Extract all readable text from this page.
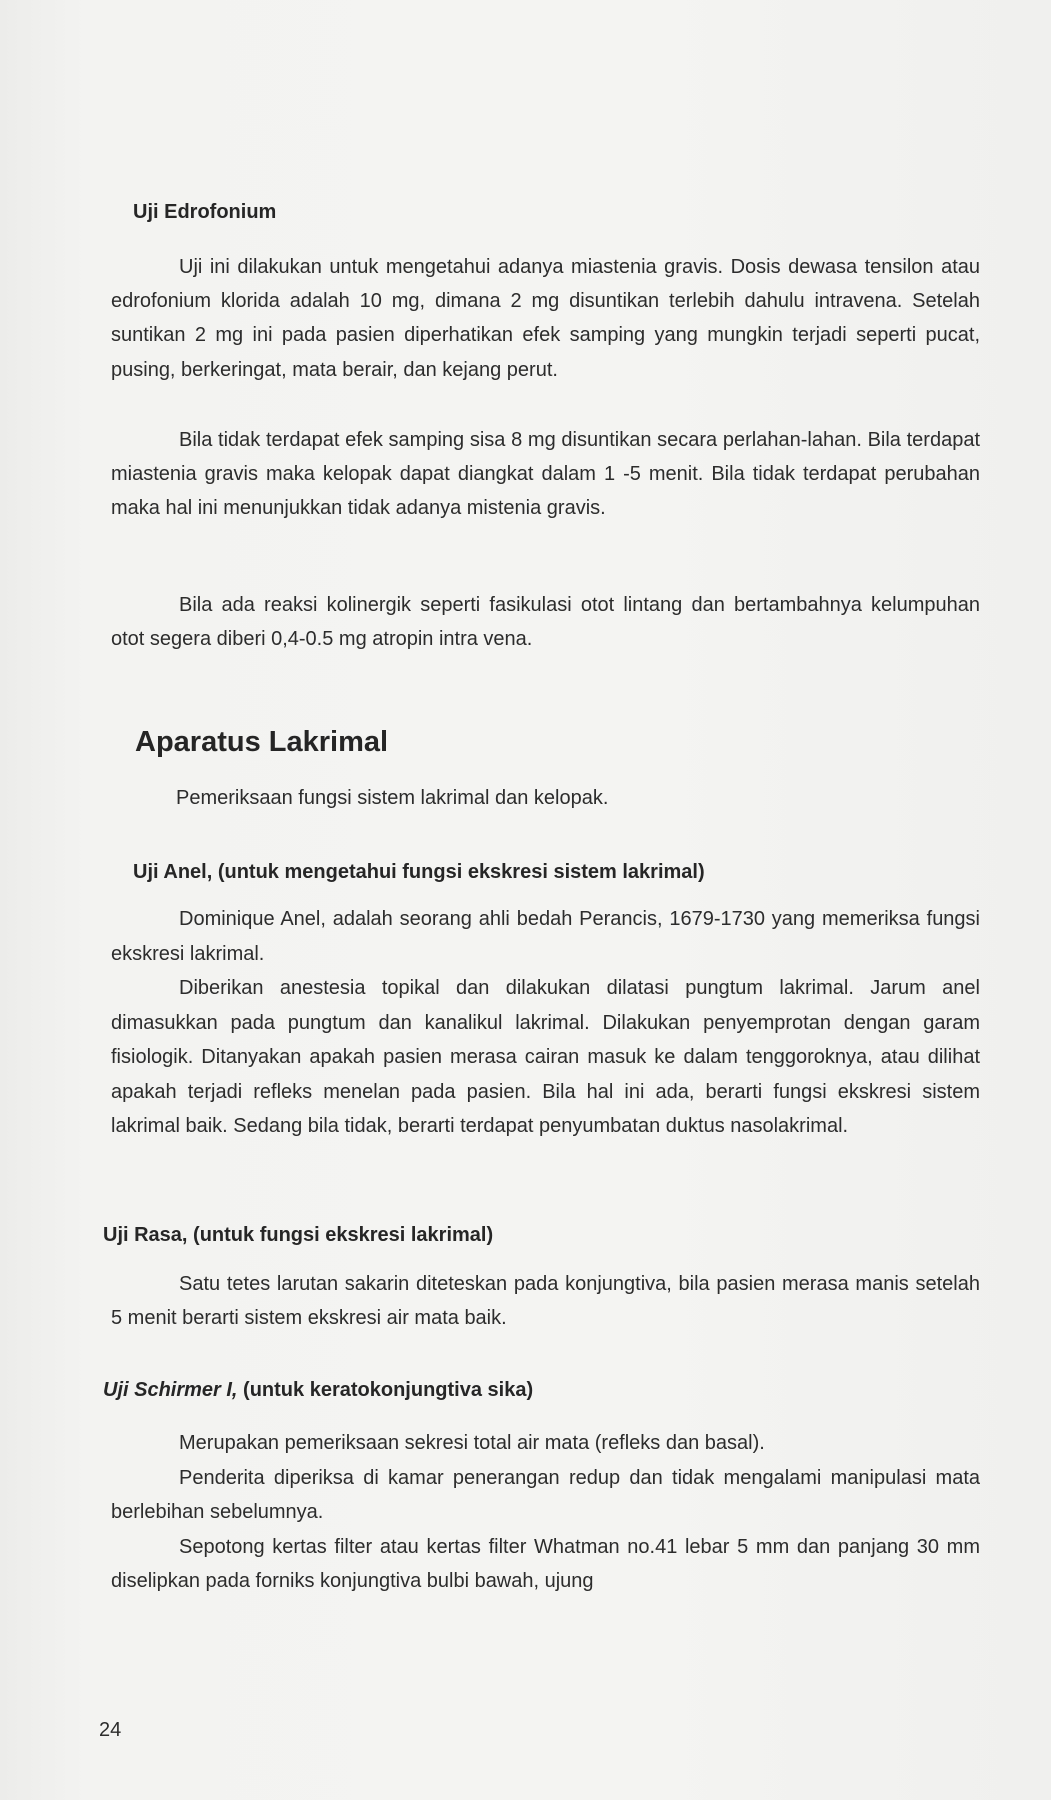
Uji Edrofonium

Uji ini dilakukan untuk mengetahui adanya miastenia gravis. Dosis dewasa tensilon atau edrofonium klorida adalah 10 mg, dimana 2 mg disuntikan terlebih dahulu intravena. Setelah suntikan 2 mg ini pada pasien diperhatikan efek samping yang mungkin terjadi seperti pucat, pusing, berkeringat, mata berair, dan kejang perut.

Bila tidak terdapat efek samping sisa 8 mg disuntikan secara perlahan-lahan. Bila terdapat miastenia gravis maka kelopak dapat diangkat dalam 1 -5 menit. Bila tidak terdapat perubahan maka hal ini menunjukkan tidak adanya mistenia gravis.

Bila ada reaksi kolinergik seperti fasikulasi otot lintang dan bertambahnya kelumpuhan otot segera diberi 0,4-0.5 mg atropin intra vena.

Aparatus Lakrimal

Pemeriksaan fungsi sistem lakrimal dan kelopak.

Uji Anel, (untuk mengetahui fungsi ekskresi sistem lakrimal)

Dominique Anel, adalah seorang ahli bedah Perancis, 1679-1730 yang memeriksa fungsi ekskresi lakrimal.

Diberikan anestesia topikal dan dilakukan dilatasi pungtum lakrimal. Jarum anel dimasukkan pada pungtum dan kanalikul lakrimal. Dilakukan penyemprotan dengan garam fisiologik. Ditanyakan apakah pasien merasa cairan masuk ke dalam tenggoroknya, atau dilihat apakah terjadi refleks menelan pada pasien. Bila hal ini ada, berarti fungsi ekskresi sistem lakrimal baik. Sedang bila tidak, berarti terdapat penyumbatan duktus nasolakrimal.

Uji Rasa, (untuk fungsi ekskresi lakrimal)

Satu tetes larutan sakarin diteteskan pada konjungtiva, bila pasien merasa manis setelah 5 menit berarti sistem ekskresi air mata baik.

Uji Schirmer I, (untuk keratokonjungtiva sika)

Merupakan pemeriksaan sekresi total air mata (refleks dan basal).

Penderita diperiksa di kamar penerangan redup dan tidak mengalami manipulasi mata berlebihan sebelumnya.

Sepotong kertas filter atau kertas filter Whatman no.41 lebar 5 mm dan panjang 30 mm diselipkan pada forniks konjungtiva bulbi bawah, ujung

24
